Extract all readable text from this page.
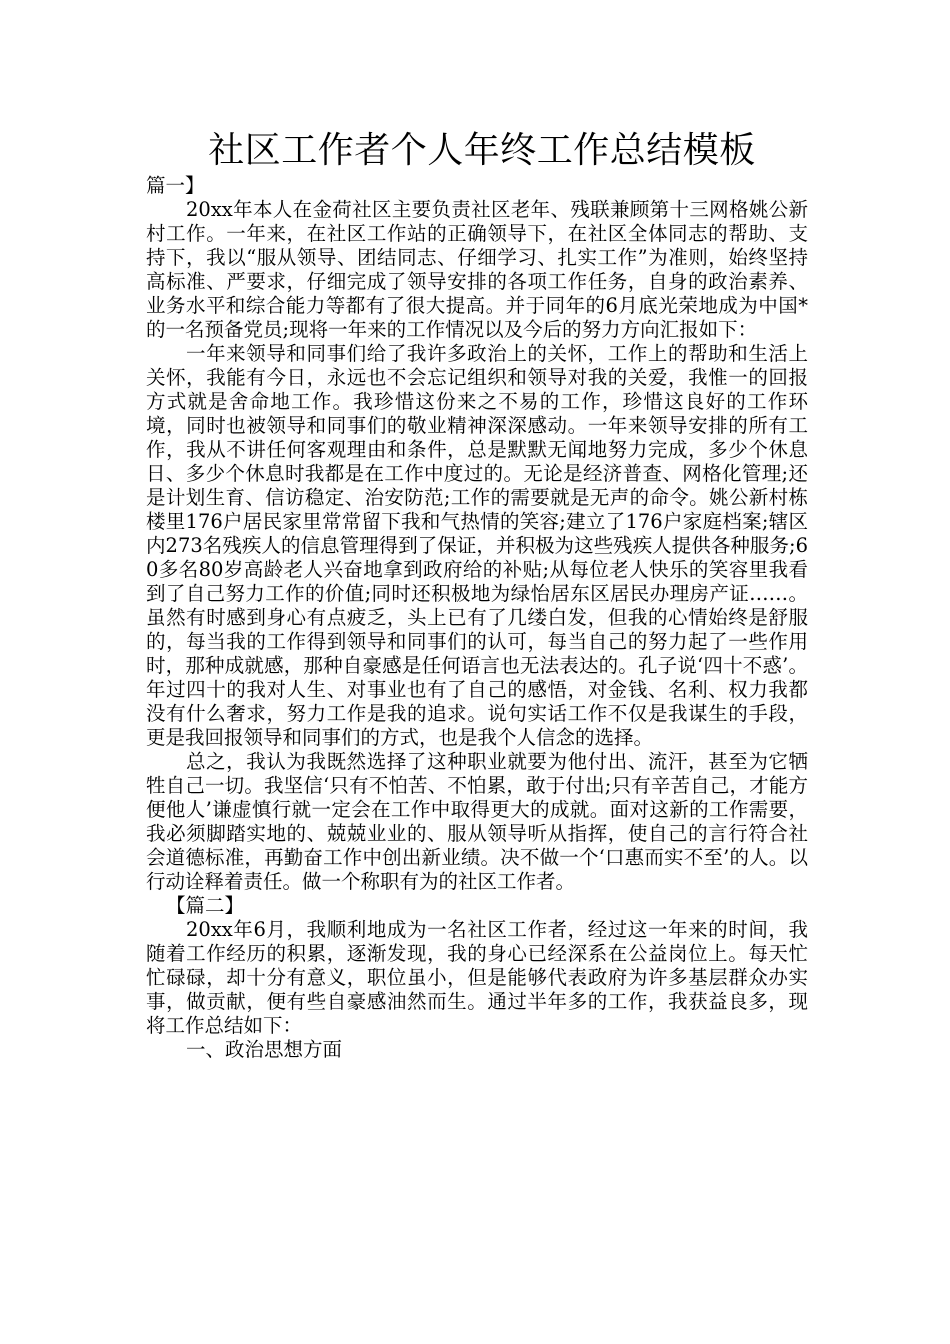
社区工作者个人年终工作总结模板

篇一】

20xx年本人在金荷社区主要负责社区老年、残联兼顾第十三网格姚公新村工作。一年来，在社区工作站的正确领导下，在社区全体同志的帮助、支持下，我以“服从领导、团结同志、仔细学习、扎实工作”为准则，始终坚持高标准、严要求，仔细完成了领导安排的各项工作任务，自身的政治素养、业务水平和综合能力等都有了很大提高。并于同年的6月底光荣地成为中国*的一名预备党员;现将一年来的工作情况以及今后的努力方向汇报如下：

一年来领导和同事们给了我许多政治上的关怀，工作上的帮助和生活上关怀，我能有今日，永远也不会忘记组织和领导对我的关爱，我惟一的回报方式就是舍命地工作。我珍惜这份来之不易的工作，珍惜这良好的工作环境，同时也被领导和同事们的敬业精神深深感动。一年来领导安排的所有工作，我从不讲任何客观理由和条件，总是默默无闻地努力完成，多少个休息日、多少个休息时我都是在工作中度过的。无论是经济普查、网格化管理;还是计划生育、信访稳定、治安防范;工作的需要就是无声的命令。姚公新村栋楼里176户居民家里常常留下我和气热情的笑容;建立了176户家庭档案;辖区内273名残疾人的信息管理得到了保证，并积极为这些残疾人提供各种服务;60多名80岁高龄老人兴奋地拿到政府给的补贴;从每位老人快乐的笑容里我看到了自己努力工作的价值;同时还积极地为绿怡居东区居民办理房产证……。虽然有时感到身心有点疲乏，头上已有了几缕白发，但我的心情始终是舒服的，每当我的工作得到领导和同事们的认可，每当自己的努力起了一些作用时，那种成就感，那种自豪感是任何语言也无法表达的。孔子说‘四十不惑’。年过四十的我对人生、对事业也有了自己的感悟，对金钱、名利、权力我都没有什么奢求，努力工作是我的追求。说句实话工作不仅是我谋生的手段，更是我回报领导和同事们的方式，也是我个人信念的选择。

总之，我认为我既然选择了这种职业就要为他付出、流汗，甚至为它牺牲自己一切。我坚信‘只有不怕苦、不怕累，敢于付出;只有辛苦自己，才能方便他人’谦虚慎行就一定会在工作中取得更大的成就。面对这新的工作需要，我必须脚踏实地的、兢兢业业的、服从领导听从指挥，使自己的言行符合社会道德标准，再勤奋工作中创出新业绩。决不做一个‘口惠而实不至’的人。以行动诠释着责任。做一个称职有为的社区工作者。

【篇二】

20xx年6月，我顺利地成为一名社区工作者，经过这一年来的时间，我随着工作经历的积累，逐渐发现，我的身心已经深系在公益岗位上。每天忙忙碌碌，却十分有意义，职位虽小，但是能够代表政府为许多基层群众办实事，做贡献，便有些自豪感油然而生。通过半年多的工作，我获益良多，现将工作总结如下：

一、政治思想方面
